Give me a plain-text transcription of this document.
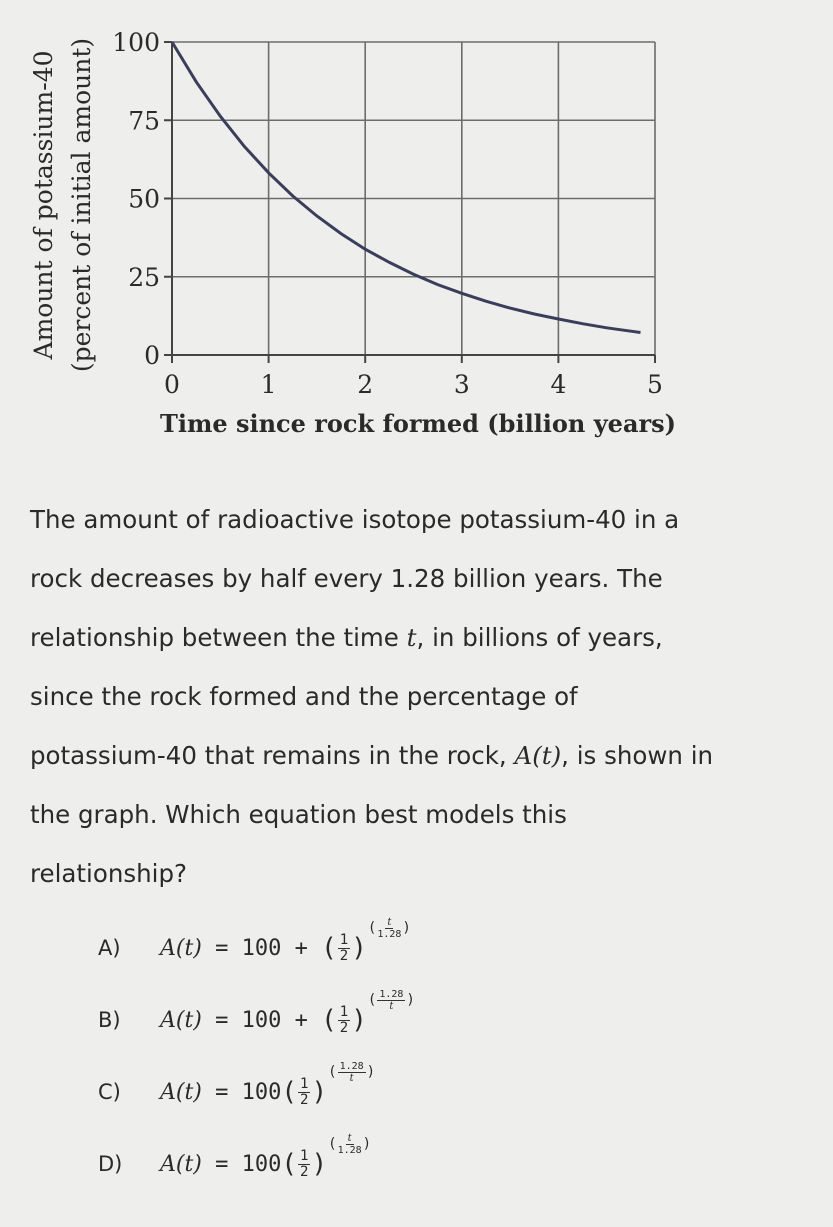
0
25
50
75
100
0	1	2	3	4	5
Amount of potassium-40 (percent of initial amount)
Time since rock formed (billion years)

The amount of radioactive isotope potassium-40 in a

rock decreases by half every 1.28 billion years. The

relationship between the time t, in billions of years,

since the rock formed and the percentage of

potassium-40 that remains in the rock, A(t), is shown in

the graph. Which equation best models this

relationship?

A)	A(t) = 100 + ( $\frac{1}{2}$ )
( $\frac{t}{1.28}$ )
B)	A(t) = 100 + ( $\frac{1}{2}$ )
( $\frac{1.28}{t}$ )
C)	A(t) = 100 ( $\frac{1}{2}$ )
( $\frac{1.28}{t}$ )
D)	A(t) = 100 ( $\frac{1}{2}$ )
( $\frac{t}{1.28}$ )
